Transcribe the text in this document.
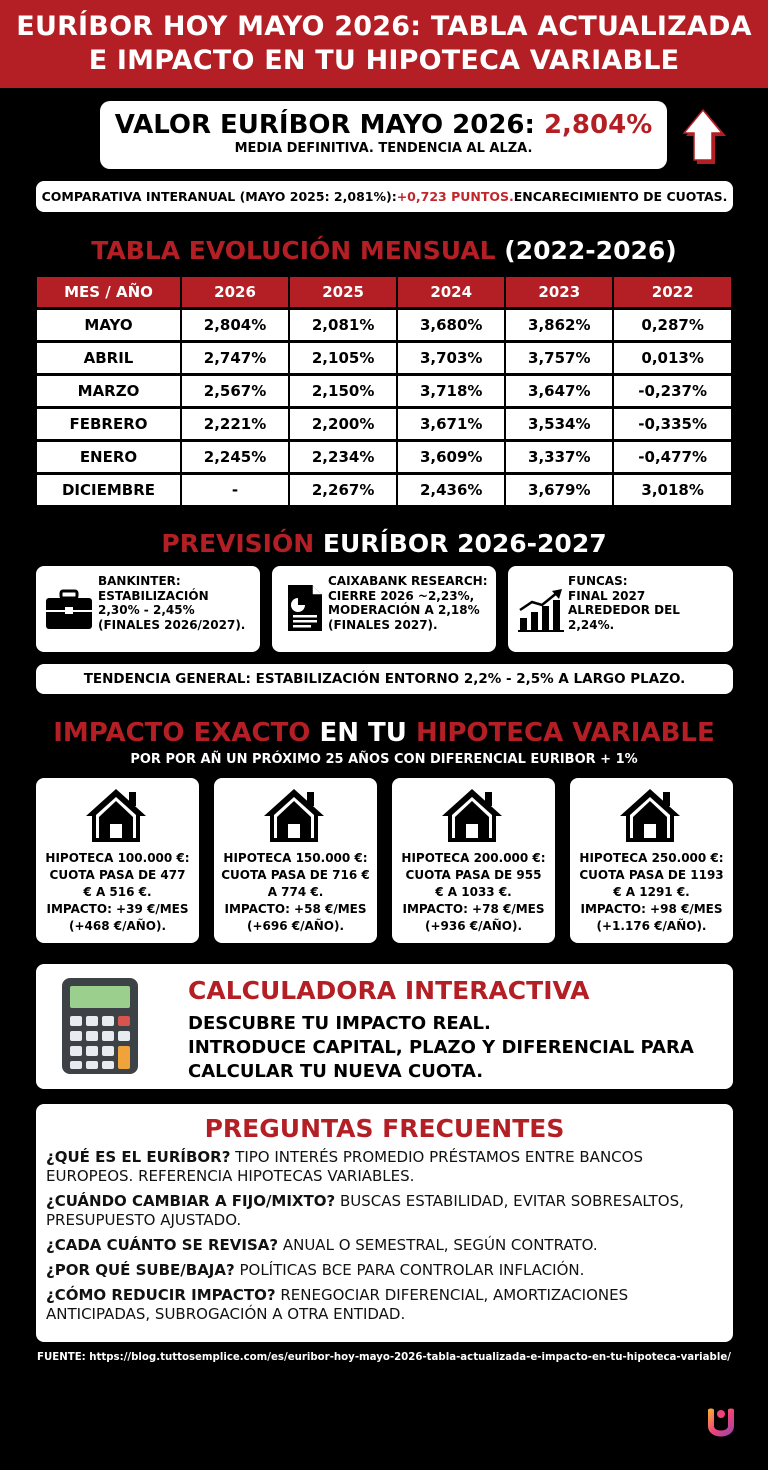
EURÍBOR HOY MAYO 2026: TABLA ACTUALIZADA
E IMPACTO EN TU HIPOTECA VARIABLE
VALOR EURÍBOR MAYO 2026: 2,804%
MEDIA DEFINITIVA. TENDENCIA AL ALZA.
COMPARATIVA INTERANUAL (MAYO 2025: 2,081%): +0,723 PUNTOS. ENCARECIMIENTO DE CUOTAS.
TABLA EVOLUCIÓN MENSUAL (2022-2026)
MES / AÑO	2026	2025	2024	2023	2022
MAYO	2,804%	2,081%	3,680%	3,862%	0,287%
ABRIL	2,747%	2,105%	3,703%	3,757%	0,013%
MARZO	2,567%	2,150%	3,718%	3,647%	-0,237%
FEBRERO	2,221%	2,200%	3,671%	3,534%	-0,335%
ENERO	2,245%	2,234%	3,609%	3,337%	-0,477%
DICIEMBRE	-	2,267%	2,436%	3,679%	3,018%
PREVISIÓN EURÍBOR 2026-2027
BANKINTER:
ESTABILIZACIÓN
2,30% - 2,45%
(FINALES 2026/2027).
CAIXABANK RESEARCH:
CIERRE 2026 ~2,23%,
MODERACIÓN A 2,18%
(FINALES 2027).
FUNCAS:
FINAL 2027
ALREDEDOR DEL
2,24%.
TENDENCIA GENERAL: ESTABILIZACIÓN ENTORNO 2,2% - 2,5% A LARGO PLAZO.
IMPACTO EXACTO EN TU HIPOTECA VARIABLE
POR POR AÑ UN PRÓXIMO 25 AÑOS CON DIFERENCIAL EURIBOR + 1%
HIPOTECA 100.000 €:
CUOTA PASA DE 477
€ A 516 €.
IMPACTO: +39 €/MES
(+468 €/AÑO).
HIPOTECA 150.000 €:
CUOTA PASA DE 716 €
A 774 €.
IMPACTO: +58 €/MES
(+696 €/AÑO).
HIPOTECA 200.000 €:
CUOTA PASA DE 955
€ A 1033 €.
IMPACTO: +78 €/MES
(+936 €/AÑO).
HIPOTECA 250.000 €:
CUOTA PASA DE 1193
€ A 1291 €.
IMPACTO: +98 €/MES
(+1.176 €/AÑO).
CALCULADORA INTERACTIVA
DESCUBRE TU IMPACTO REAL.
INTRODUCE CAPITAL, PLAZO Y DIFERENCIAL PARA
CALCULAR TU NUEVA CUOTA.
PREGUNTAS FRECUENTES
¿QUÉ ES EL EURÍBOR? TIPO INTERÉS PROMEDIO PRÉSTAMOS ENTRE BANCOS EUROPEOS. REFERENCIA HIPOTECAS VARIABLES.
¿CUÁNDO CAMBIAR A FIJO/MIXTO? BUSCAS ESTABILIDAD, EVITAR SOBRESALTOS, PRESUPUESTO AJUSTADO.
¿CADA CUÁNTO SE REVISA? ANUAL O SEMESTRAL, SEGÚN CONTRATO.
¿POR QUÉ SUBE/BAJA? POLÍTICAS BCE PARA CONTROLAR INFLACIÓN.
¿CÓMO REDUCIR IMPACTO? RENEGOCIAR DIFERENCIAL, AMORTIZACIONES ANTICIPADAS, SUBROGACIÓN A OTRA ENTIDAD.
FUENTE: https://blog.tuttosemplice.com/es/euribor-hoy-mayo-2026-tabla-actualizada-e-impacto-en-tu-hipoteca-variable/
